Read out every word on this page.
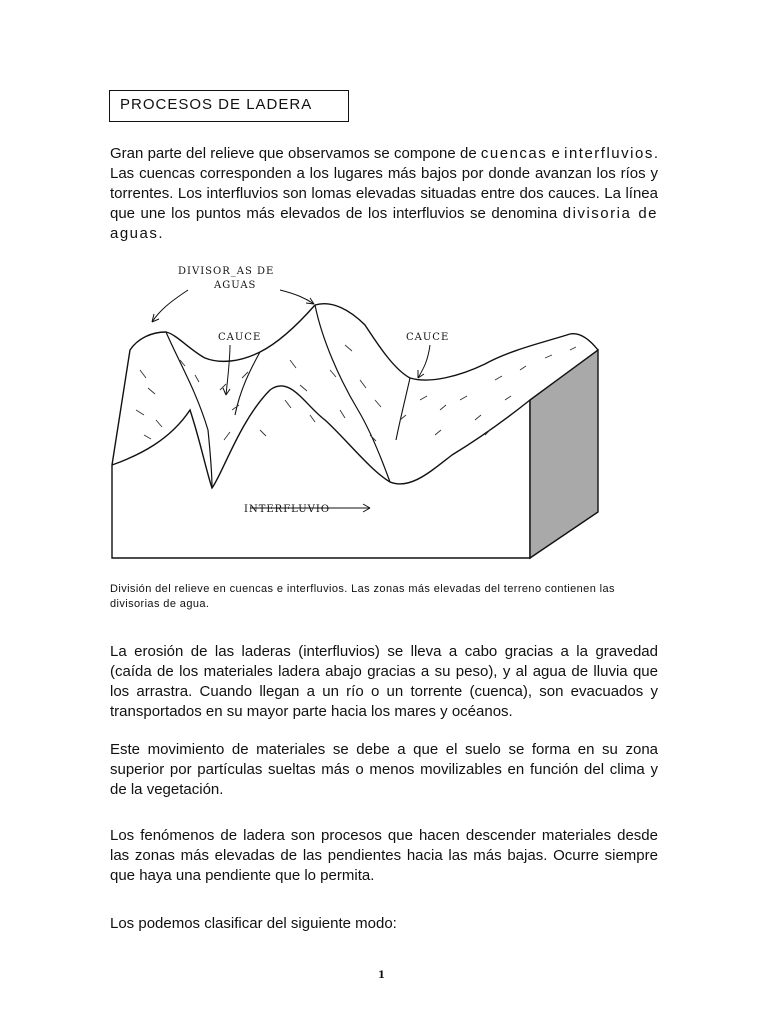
PROCESOS DE LADERA

Gran parte del relieve que observamos se compone de cuencas e interfluvios. Las cuencas corresponden a los lugares más bajos por donde avanzan los ríos y torrentes. Los interfluvios son lomas elevadas situadas entre dos cauces. La línea que une los puntos más elevados de los interfluvios se denomina divisoria de aguas.

DIVISOR_AS DE
AGUAS
CAUCE	CAUCE
INTERFLUVIO

División del relieve en cuencas e interfluvios. Las zonas más elevadas del terreno contienen las divisorias de agua.

La erosión de las laderas (interfluvios) se lleva a cabo gracias a la gravedad (caída de los materiales ladera abajo gracias a su peso), y al agua de lluvia que los arrastra. Cuando llegan a un río o un torrente (cuenca), son evacuados y transportados en su mayor parte hacia los mares y océanos.

Este movimiento de materiales se debe a que el suelo se forma en su zona superior por partículas sueltas más o menos movilizables en función del clima y de la vegetación.

Los fenómenos de ladera son procesos que hacen descender materiales desde las zonas más elevadas de las pendientes hacia las más bajas. Ocurre siempre que haya una pendiente que lo permita.

Los podemos clasificar del siguiente modo:

1
